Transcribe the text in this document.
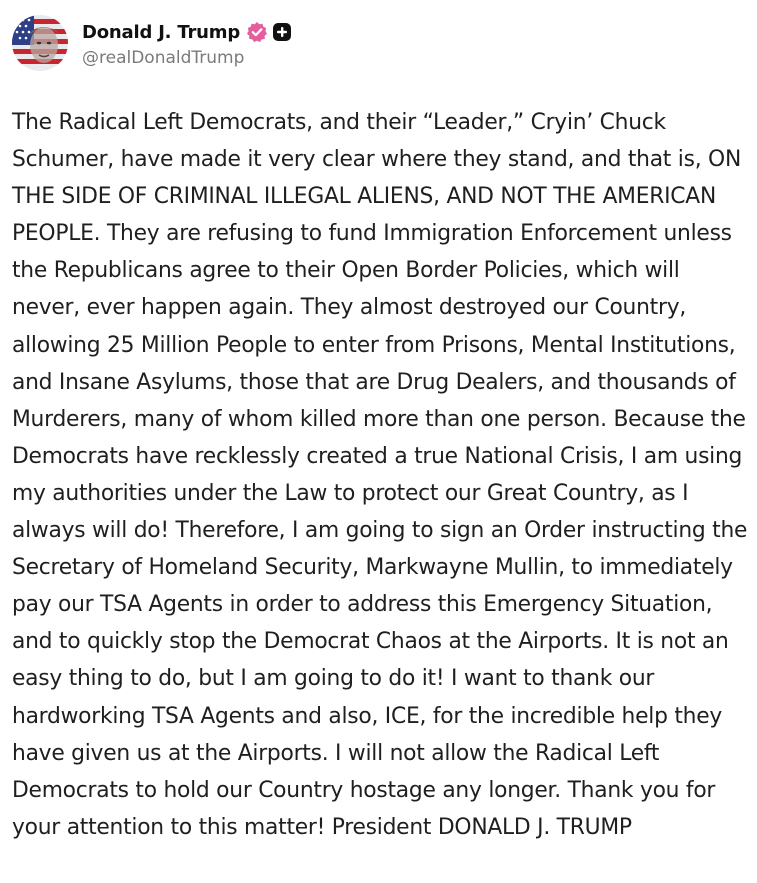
Donald J. Trump
@realDonaldTrump
The Radical Left Democrats, and their “Leader,” Cryin’ Chuck Schumer, have made it very clear where they stand, and that is, ON THE SIDE OF CRIMINAL ILLEGAL ALIENS, AND NOT THE AMERICAN PEOPLE. They are refusing to fund Immigration Enforcement unless the Republicans agree to their Open Border Policies, which will never, ever happen again. They almost destroyed our Country, allowing 25 Million People to enter from Prisons, Mental Institutions, and Insane Asylums, those that are Drug Dealers, and thousands of Murderers, many of whom killed more than one person. Because the Democrats have recklessly created a true National Crisis, I am using my authorities under the Law to protect our Great Country, as I always will do! Therefore, I am going to sign an Order instructing the Secretary of Homeland Security, Markwayne Mullin, to immediately pay our TSA Agents in order to address this Emergency Situation, and to quickly stop the Democrat Chaos at the Airports. It is not an easy thing to do, but I am going to do it! I want to thank our hardworking TSA Agents and also, ICE, for the incredible help they have given us at the Airports. I will not allow the Radical Left Democrats to hold our Country hostage any longer. Thank you for your attention to this matter! President DONALD J. TRUMP
